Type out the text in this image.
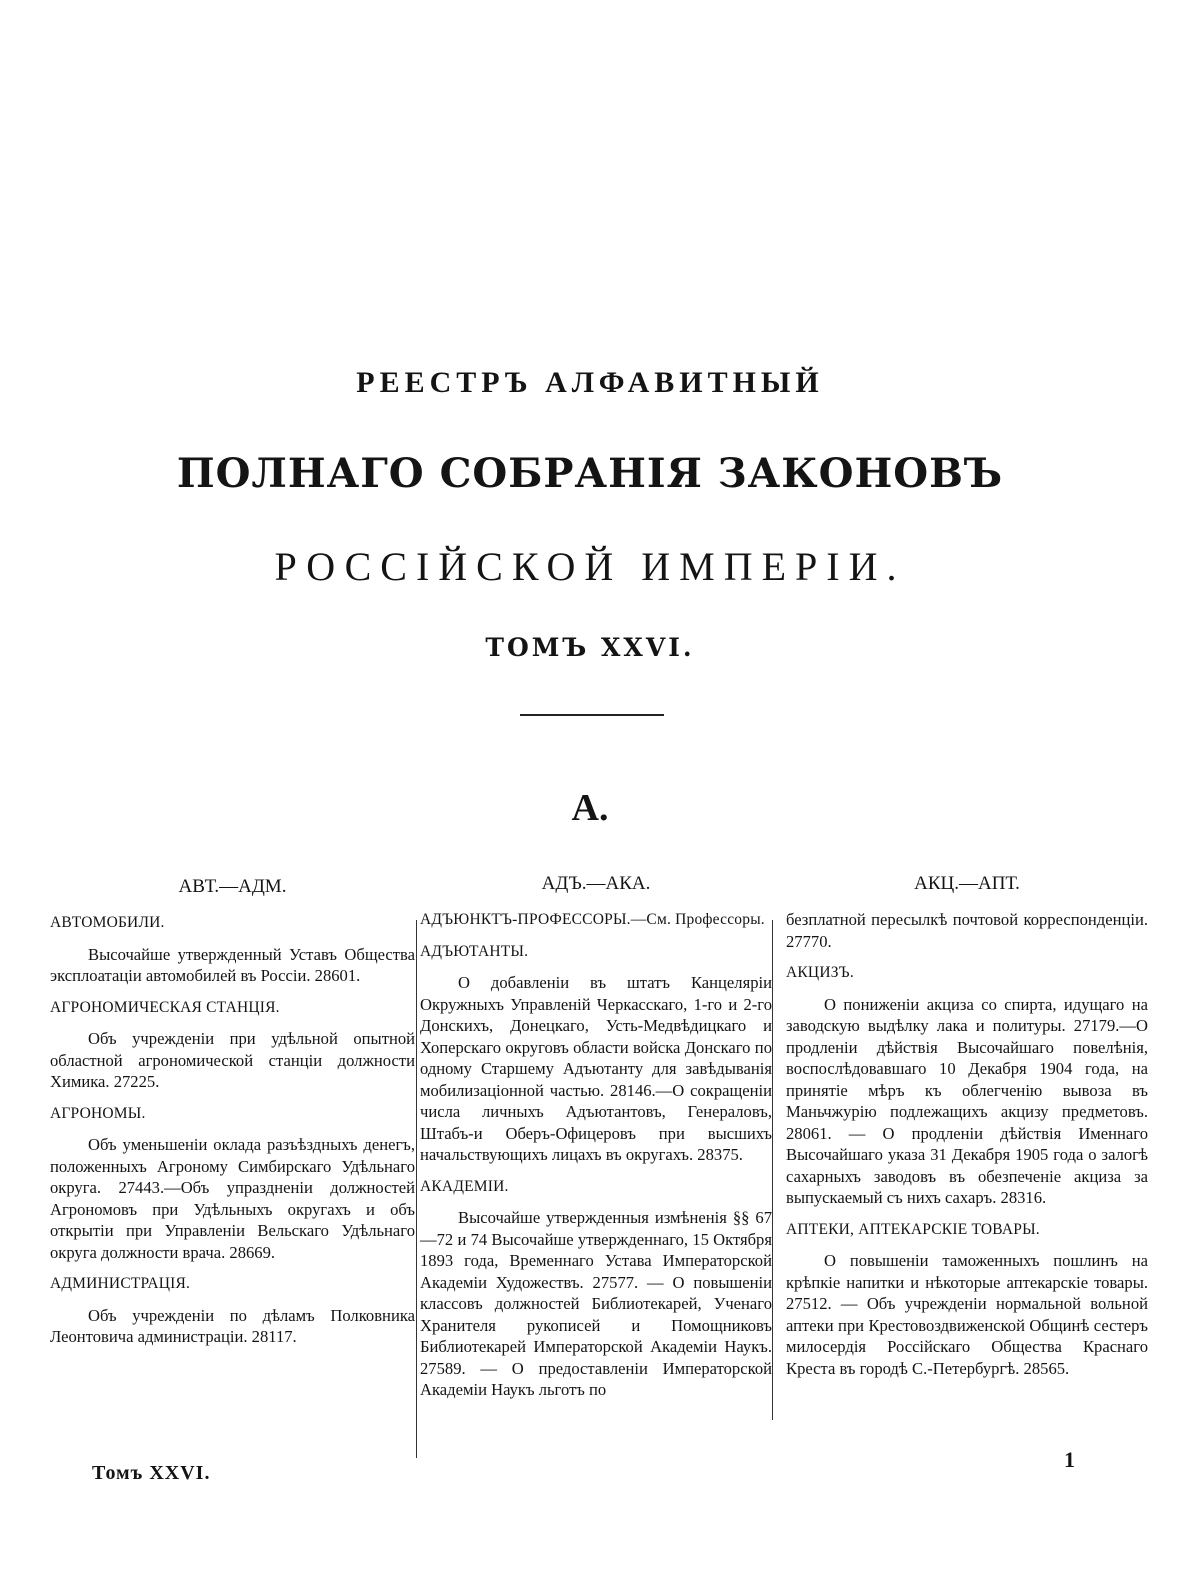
РЕЕСТРЪ АЛФАВИТНЫЙ
ПОЛНАГО СОБРАНІЯ ЗАКОНОВЪ
РОССІЙСКОЙ ИМПЕРІИ.
ТОМЪ XXVI.
А.
АВТ.—АДМ.
АВТОМОБИЛИ.
Высочайше утвержденный Уставъ Общества эксплоатаціи автомобилей въ Россіи. 28601.
АГРОНОМИЧЕСКАЯ СТАНЦІЯ.
Объ учрежденіи при удѣльной опытной областной агрономической станціи должности Химика. 27225.
АГРОНОМЫ.
Объ уменьшеніи оклада разъѣздныхъ денегъ, положенныхъ Агроному Симбирскаго Удѣльнаго округа. 27443.—Объ упраздненіи должностей Агрономовъ при Удѣльныхъ округахъ и объ открытіи при Управленіи Вельскаго Удѣльнаго округа должности врача. 28669.
АДМИНИСТРАЦІЯ.
Объ учрежденіи по дѣламъ Полковника Леонтовича администраціи. 28117.
АДЪ.—АКА.
АДЪЮНКТЪ-ПРОФЕССОРЫ.—См. Профессоры.
АДЪЮТАНТЫ.
О добавленіи въ штатъ Канцеляріи Окружныхъ Управленій Черкасскаго, 1-го и 2-го Донскихъ, Донецкаго, Усть-Медвѣдицкаго и Хоперскаго округовъ области войска Донскаго по одному Старшему Адъютанту для завѣдыванія мобилизаціонной частью. 28146.—О сокращеніи числа личныхъ Адъютантовъ, Генераловъ, Штабъ-и Оберъ-Офицеровъ при высшихъ начальствующихъ лицахъ въ округахъ. 28375.
АКАДЕМІИ.
Высочайше утвержденныя измѣненія §§ 67—72 и 74 Высочайше утвержденнаго, 15 Октября 1893 года, Временнаго Устава Императорской Академіи Художествъ. 27577. — О повышеніи классовъ должностей Библиотекарей, Ученаго Хранителя рукописей и Помощниковъ Библиотекарей Императорской Академіи Наукъ. 27589. — О предоставленіи Императорской Академіи Наукъ льготъ по
АКЦ.—АПТ.
безплатной пересылкѣ почтовой корреспонденціи. 27770.
АКЦИЗЪ.
О пониженіи акциза со спирта, идущаго на заводскую выдѣлку лака и политуры. 27179.—О продленіи дѣйствія Высочайшаго повелѣнія, воспослѣдовавшаго 10 Декабря 1904 года, на принятіе мѣръ къ облегченію вывоза въ Маньчжурію подлежащихъ акцизу предметовъ. 28061. — О продленіи дѣйствія Именнаго Высочайшаго указа 31 Декабря 1905 года о залогѣ сахарныхъ заводовъ въ обезпеченіе акциза за выпускаемый съ нихъ сахаръ. 28316.
АПТЕКИ, АПТЕКАРСКІЕ ТОВАРЫ.
О повышеніи таможенныхъ пошлинъ на крѣпкіе напитки и нѣкоторые аптекарскіе товары. 27512. — Объ учрежденіи нормальной вольной аптеки при Крестовоздвиженской Общинѣ сестеръ милосердія Россійскаго Общества Краснаго Креста въ городѣ С.-Петербургѣ. 28565.
Томъ XXVI.
1
